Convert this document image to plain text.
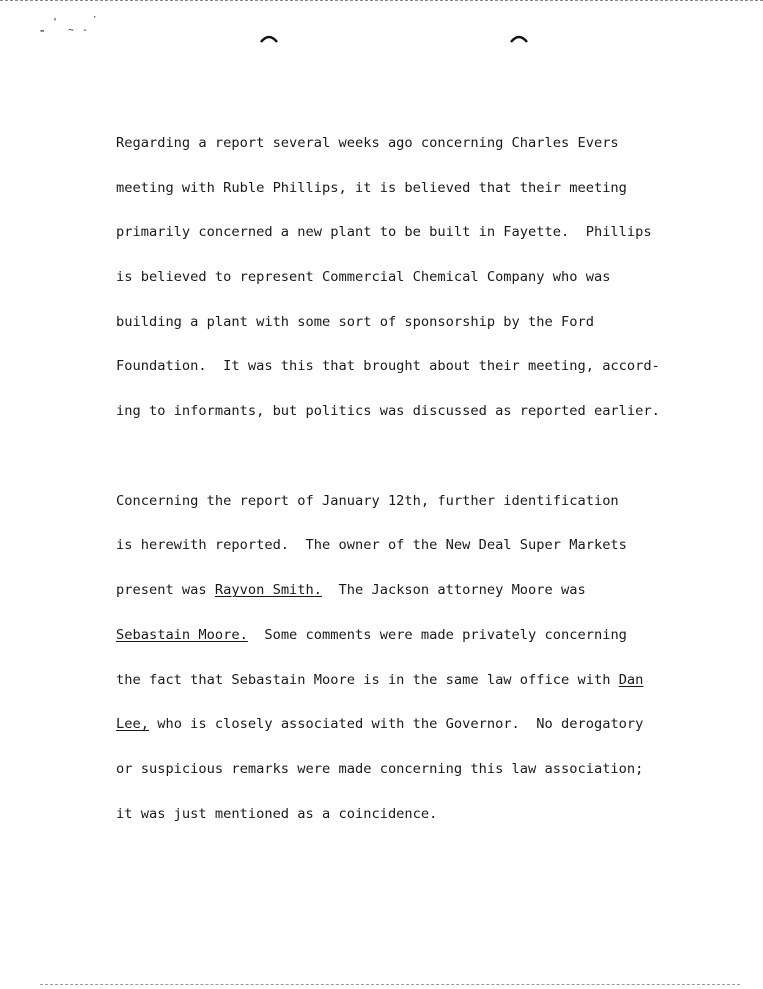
-
'
~ -
·

Regarding a report several weeks ago concerning Charles Evers

meeting with Ruble Phillips, it is believed that their meeting

primarily concerned a new plant to be built in Fayette.  Phillips

is believed to represent Commercial Chemical Company who was

building a plant with some sort of sponsorship by the Ford

Foundation.  It was this that brought about their meeting, accord-

ing to informants, but politics was discussed as reported earlier.

Concerning the report of January 12th, further identification

is herewith reported.  The owner of the New Deal Super Markets

present was Rayvon Smith.  The Jackson attorney Moore was

Sebastain Moore.  Some comments were made privately concerning

the fact that Sebastain Moore is in the same law office with Dan

Lee, who is closely associated with the Governor.  No derogatory

or suspicious remarks were made concerning this law association;

it was just mentioned as a coincidence.
